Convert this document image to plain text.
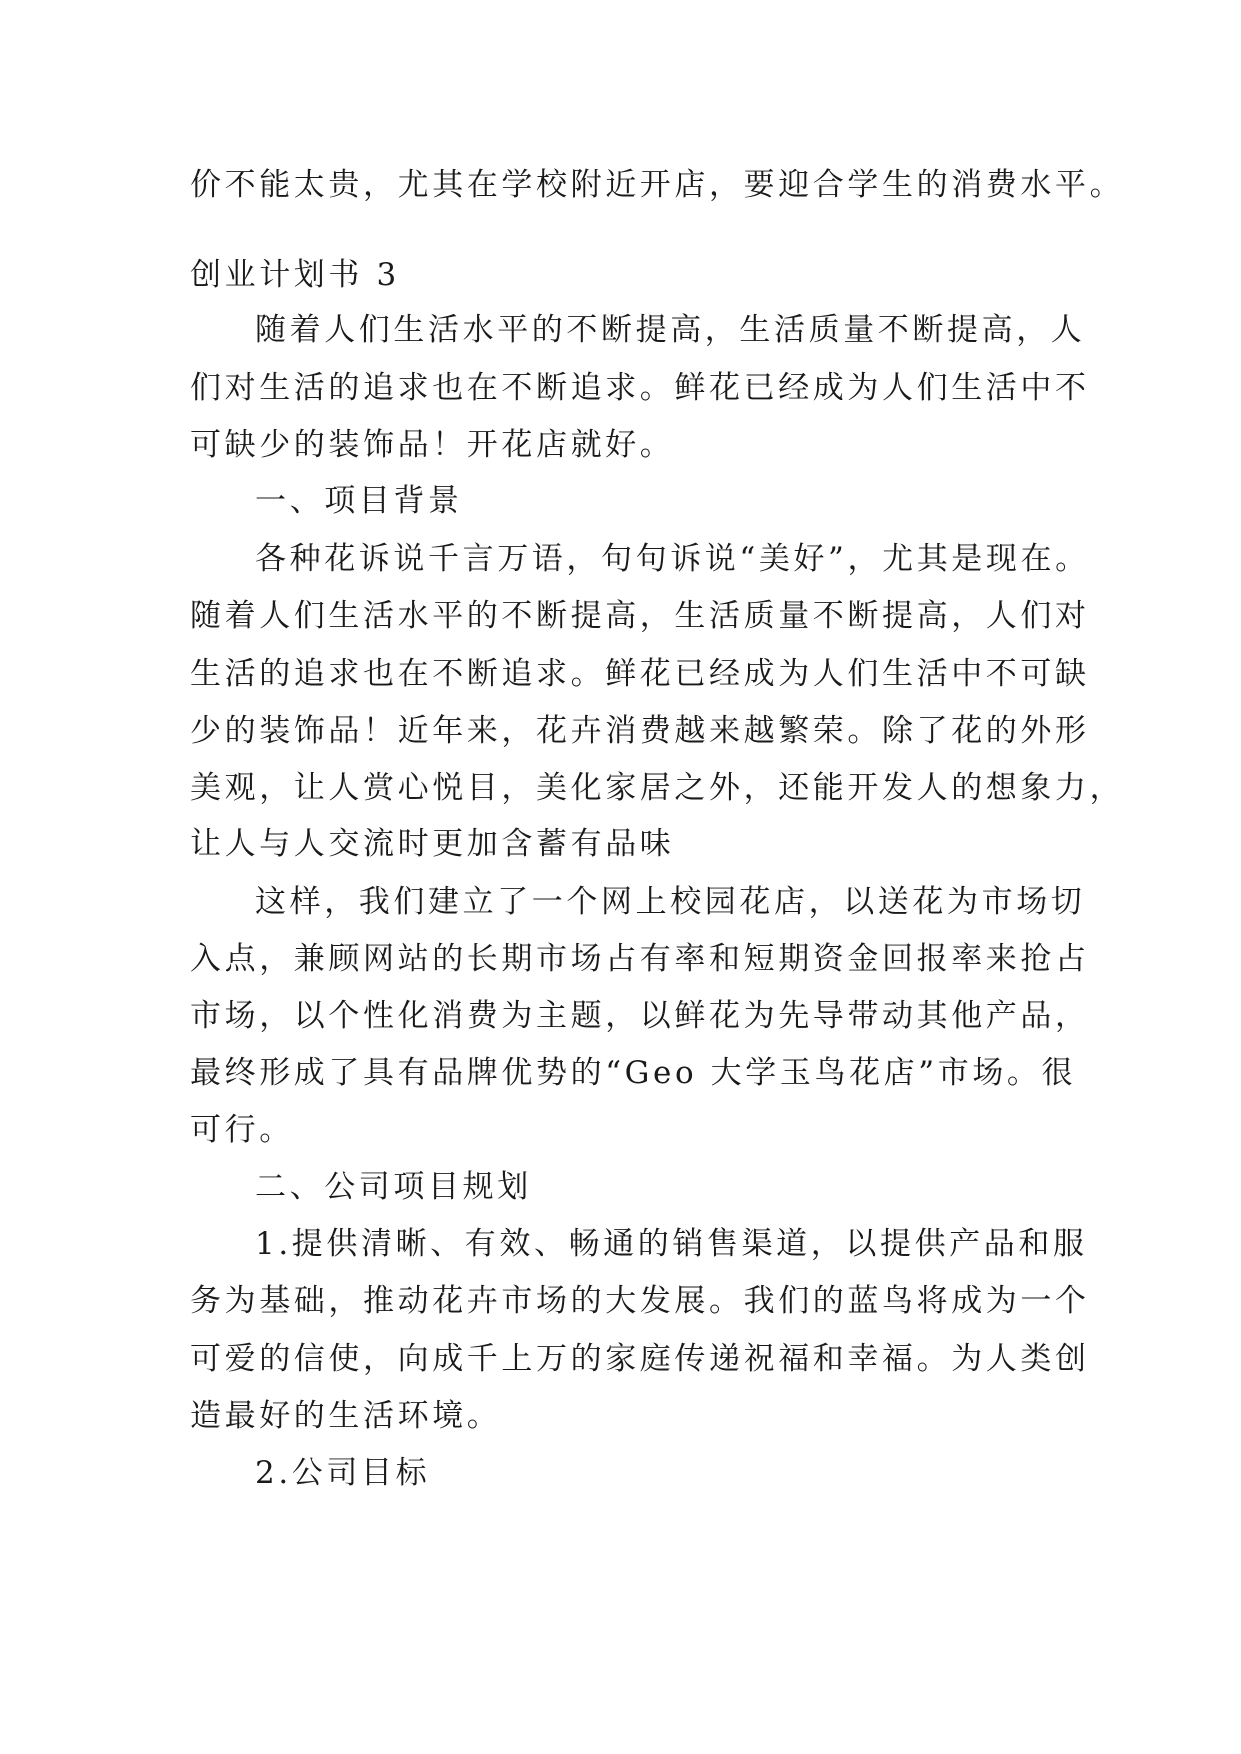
价不能太贵，尤其在学校附近开店，要迎合学生的消费水平。
创业计划书 3
随着人们生活水平的不断提高，生活质量不断提高，人
们对生活的追求也在不断追求。鲜花已经成为人们生活中不
可缺少的装饰品！开花店就好。
一、项目背景
各种花诉说千言万语，句句诉说“美好”，尤其是现在。
随着人们生活水平的不断提高，生活质量不断提高，人们对
生活的追求也在不断追求。鲜花已经成为人们生活中不可缺
少的装饰品！近年来，花卉消费越来越繁荣。除了花的外形
美观，让人赏心悦目，美化家居之外，还能开发人的想象力，
让人与人交流时更加含蓄有品味
这样，我们建立了一个网上校园花店，以送花为市场切
入点，兼顾网站的长期市场占有率和短期资金回报率来抢占
市场，以个性化消费为主题，以鲜花为先导带动其他产品，
最终形成了具有品牌优势的“Geo 大学玉鸟花店”市场。很
可行。
二、公司项目规划
1.提供清晰、有效、畅通的销售渠道，以提供产品和服
务为基础，推动花卉市场的大发展。我们的蓝鸟将成为一个
可爱的信使，向成千上万的家庭传递祝福和幸福。为人类创
造最好的生活环境。
2.公司目标
